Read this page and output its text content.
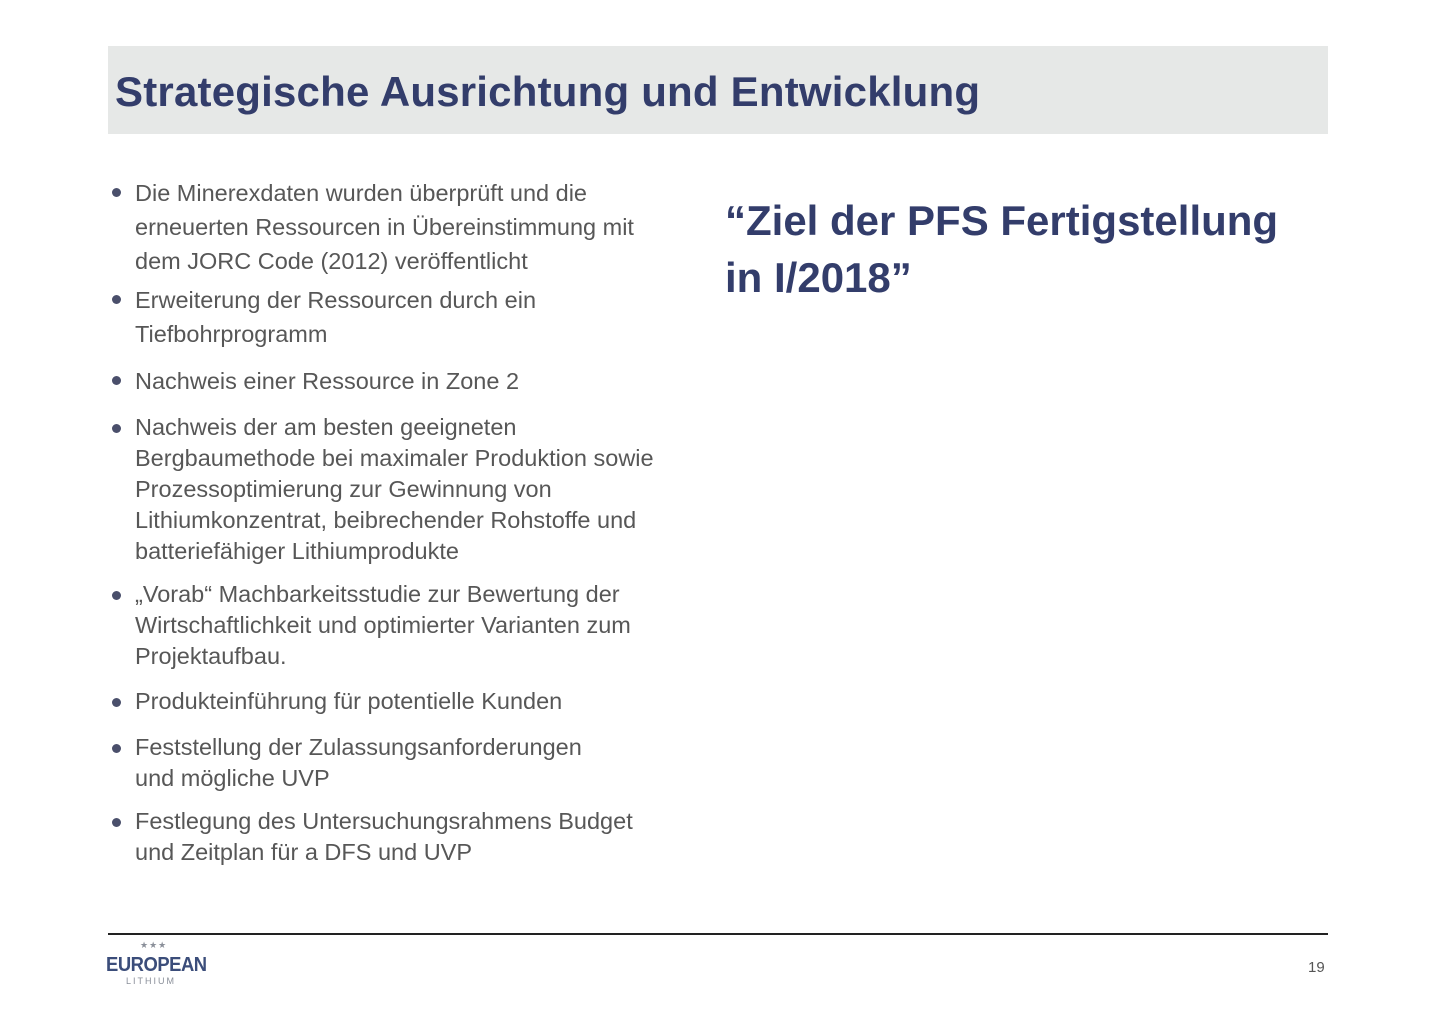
Strategische Ausrichtung und Entwicklung
Die Minerexdaten wurden überprüft und die
erneuerten Ressourcen in Übereinstimmung mit
dem JORC Code (2012) veröffentlicht
Erweiterung der Ressourcen durch ein
Tiefbohrprogramm
Nachweis einer Ressource in Zone 2
Nachweis der am besten geeigneten
Bergbaumethode bei maximaler Produktion sowie
Prozessoptimierung zur Gewinnung von
Lithiumkonzentrat, beibrechender Rohstoffe und
batteriefähiger Lithiumprodukte
„Vorab“ Machbarkeitsstudie zur Bewertung der
Wirtschaftlichkeit und optimierter Varianten zum
Projektaufbau.
Produkteinführung für potentielle Kunden
Feststellung der Zulassungsanforderungen
und mögliche UVP
Festlegung des Untersuchungsrahmens Budget
und Zeitplan für a DFS und UVP
“Ziel der PFS Fertigstellung
in I/2018”
★★★
EUROPEAN
LITHIUM
19
